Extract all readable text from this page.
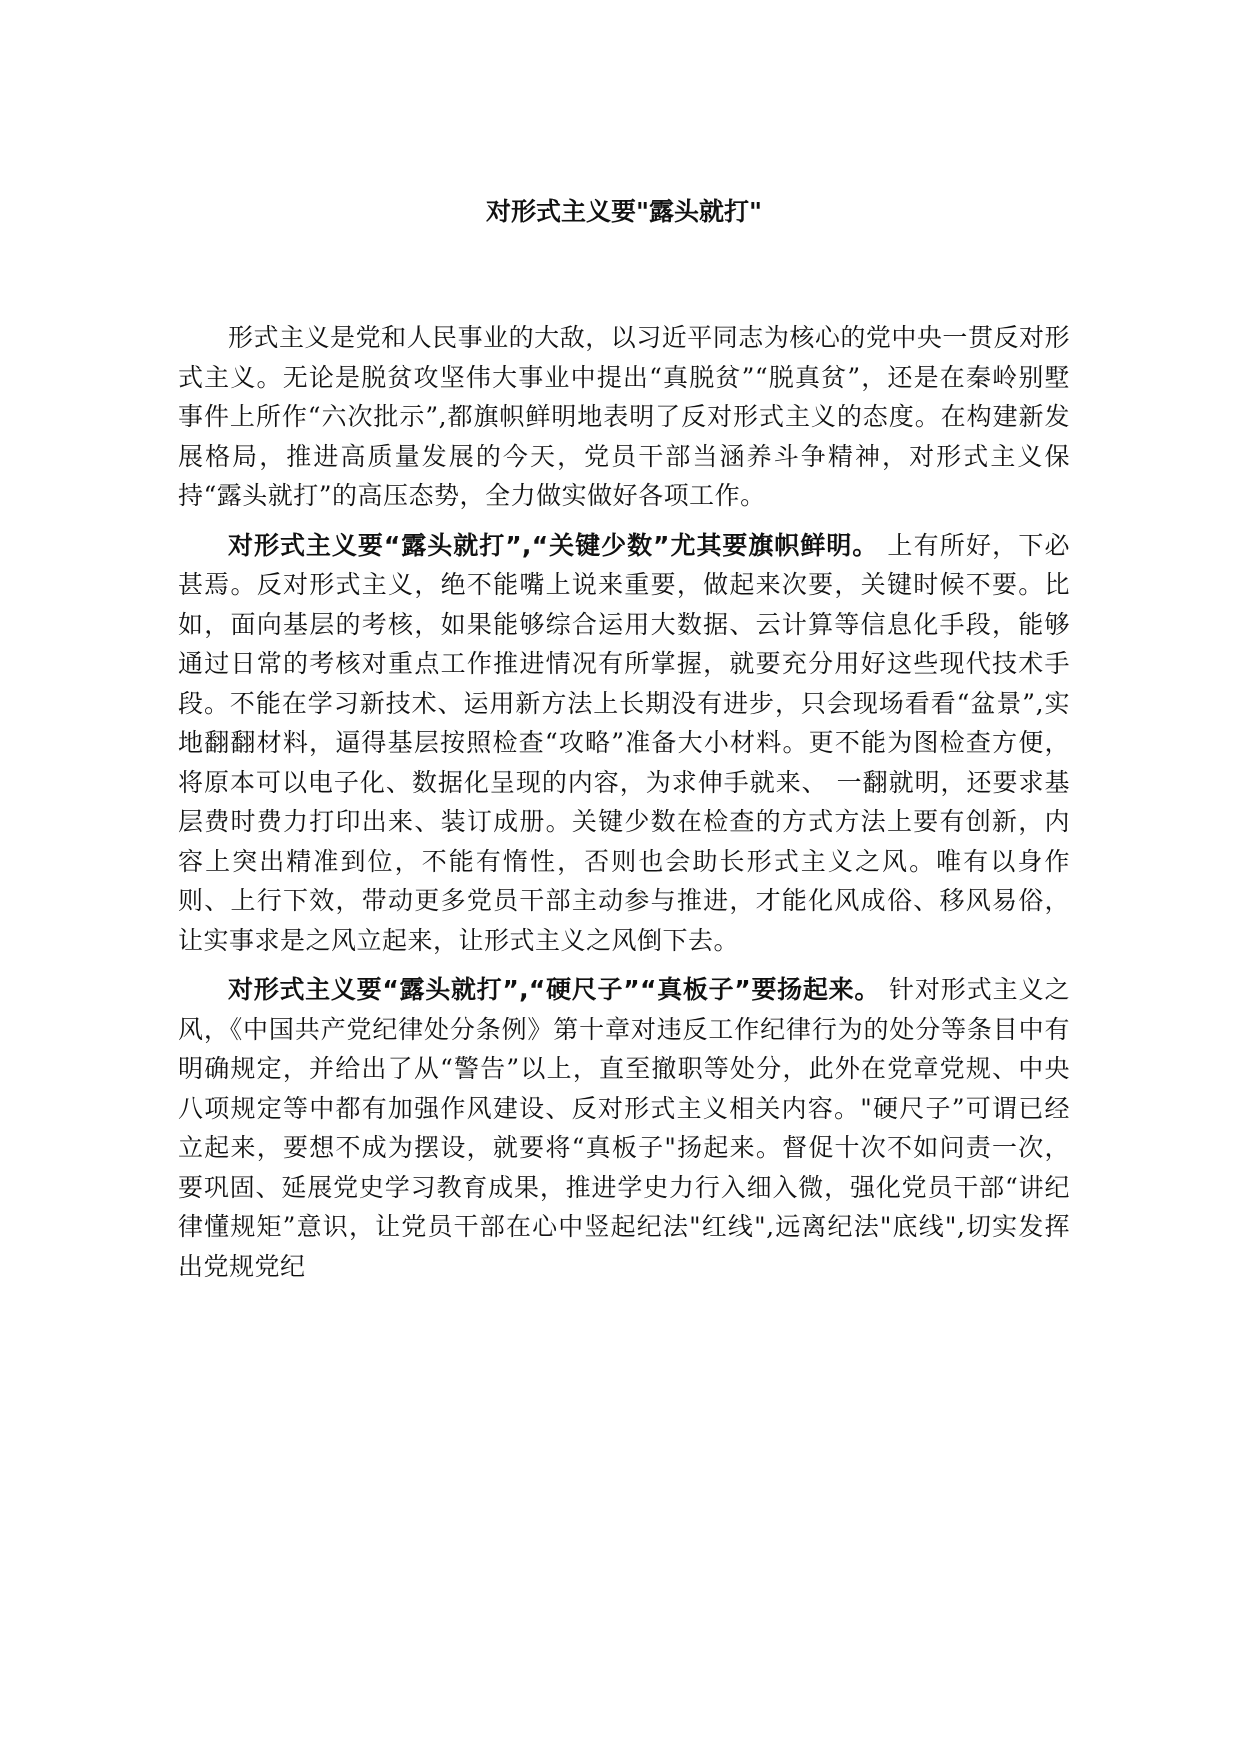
对形式主义要"露头就打"

形式主义是党和人民事业的大敌，以习近平同志为核心的党中央一贯反对形式主义。无论是脱贫攻坚伟大事业中提出“真脱贫”“脱真贫”，还是在秦岭别墅事件上所作“六次批示”,都旗帜鲜明地表明了反对形式主义的态度。在构建新发展格局，推进高质量发展的今天，党员干部当涵养斗争精神，对形式主义保持“露头就打”的高压态势，全力做实做好各项工作。

对形式主义要“露头就打”,“关键少数”尤其要旗帜鲜明。 上有所好，下必甚焉。反对形式主义，绝不能嘴上说来重要，做起来次要，关键时候不要。比如，面向基层的考核，如果能够综合运用大数据、云计算等信息化手段，能够通过日常的考核对重点工作推进情况有所掌握，就要充分用好这些现代技术手段。不能在学习新技术、运用新方法上长期没有进步，只会现场看看“盆景”,实地翻翻材料，逼得基层按照检查“攻略”准备大小材料。更不能为图检查方便，将原本可以电子化、数据化呈现的内容，为求伸手就来、 一翻就明，还要求基层费时费力打印出来、装订成册。关键少数在检查的方式方法上要有创新，内容上突出精准到位，不能有惰性，否则也会助长形式主义之风。唯有以身作则、上行下效，带动更多党员干部主动参与推进，才能化风成俗、移风易俗，让实事求是之风立起来，让形式主义之风倒下去。

对形式主义要“露头就打”,“硬尺子”“真板子”要扬起来。 针对形式主义之风，《中国共产党纪律处分条例》第十章对违反工作纪律行为的处分等条目中有明确规定，并给出了从“警告”以上，直至撤职等处分，此外在党章党规、中央八项规定等中都有加强作风建设、反对形式主义相关内容。"硬尺子”可谓已经立起来，要想不成为摆设，就要将“真板子"扬起来。督促十次不如问责一次，要巩固、延展党史学习教育成果，推进学史力行入细入微，强化党员干部“讲纪律懂规矩”意识，让党员干部在心中竖起纪法"红线",远离纪法"底线",切实发挥出党规党纪
